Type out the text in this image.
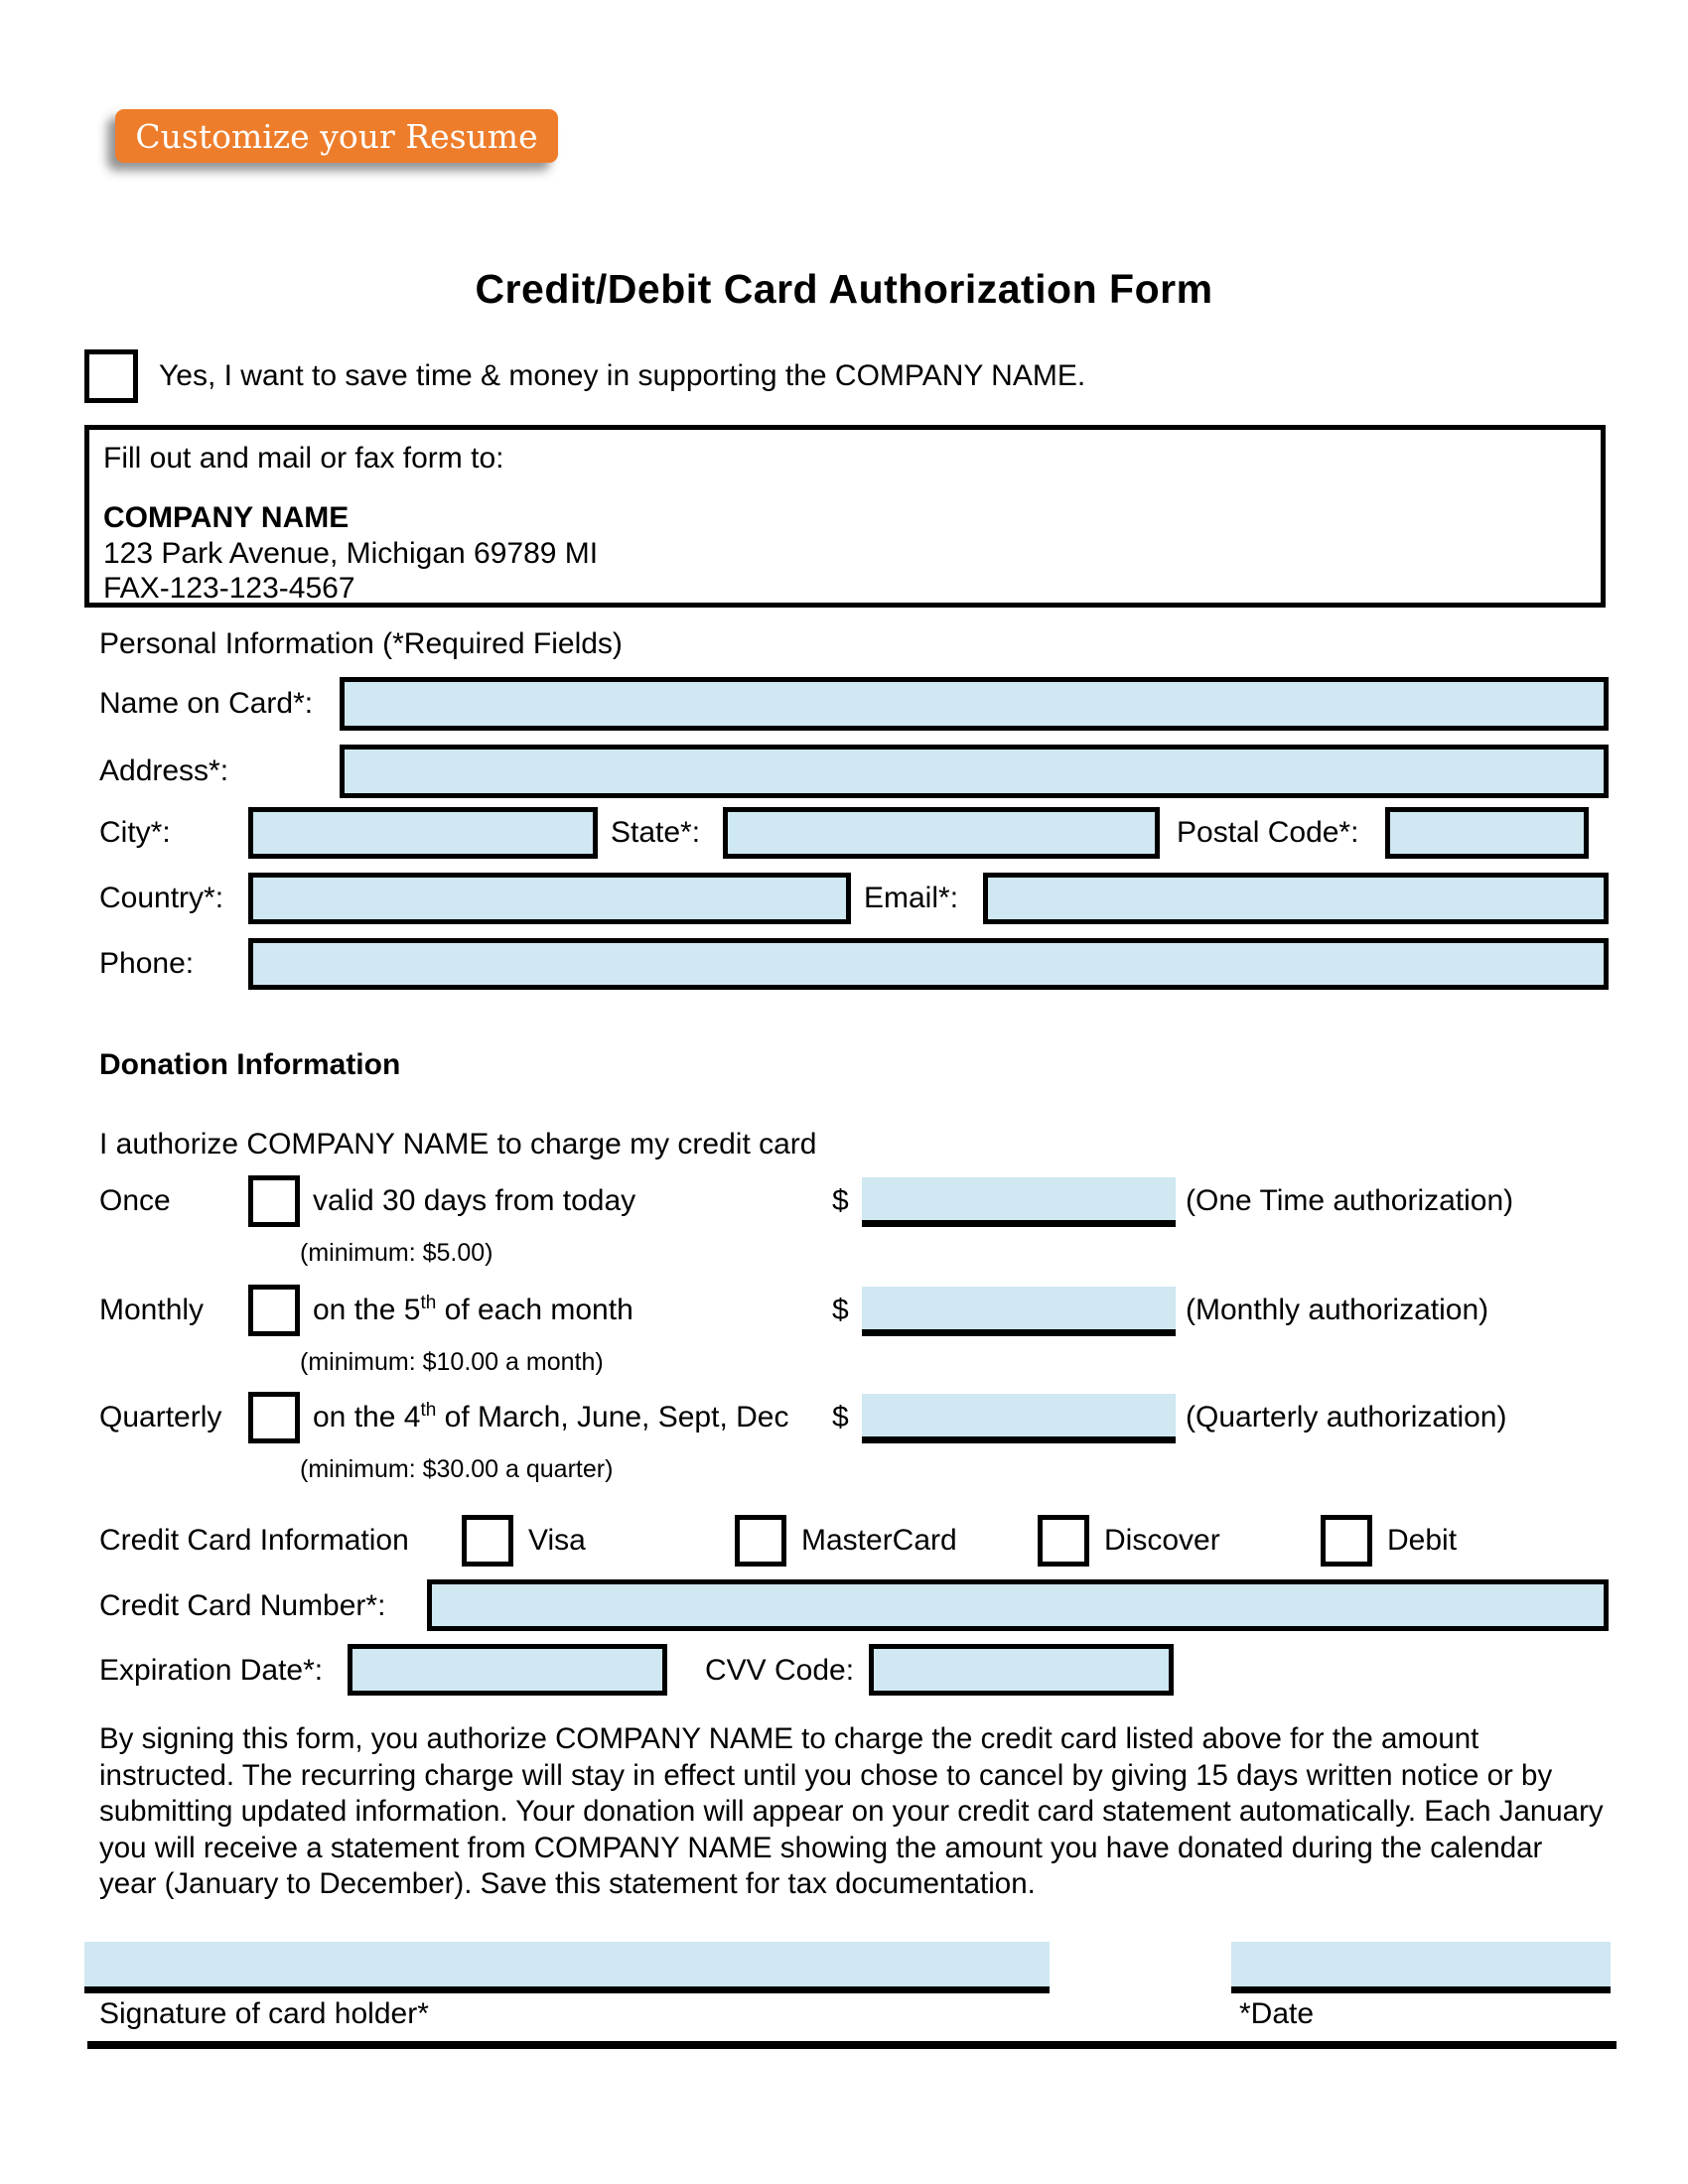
Customize your Resume
Credit/Debit Card Authorization Form
Yes, I want to save time & money in supporting the COMPANY NAME.
Fill out and mail or fax form to:
COMPANY NAME
123 Park Avenue, Michigan 69789 MI
FAX-123-123-4567
Personal Information (*Required Fields)
Name on Card*:
Address*:
City*:	State*:	Postal Code*:
Country*:	Email*:
Phone:
Donation Information
I authorize COMPANY NAME to charge my credit card
Once	valid 30 days from today	$	(One Time authorization)
(minimum: $5.00)
Monthly	on the 5th of each month	$	(Monthly authorization)
(minimum: $10.00 a month)
Quarterly	on the 4th of March, June, Sept, Dec $	(Quarterly authorization)
(minimum: $30.00 a quarter)
Credit Card Information	Visa	MasterCard	Discover	Debit
Credit Card Number*:
Expiration Date*:	CVV Code:
By signing this form, you authorize COMPANY NAME to charge the credit card listed above for the amount instructed. The recurring charge will stay in effect until you chose to cancel by giving 15 days written notice or by submitting updated information. Your donation will appear on your credit card statement automatically. Each January you will receive a statement from COMPANY NAME showing the amount you have donated during the calendar year (January to December). Save this statement for tax documentation.
Signature of card holder*	*Date
